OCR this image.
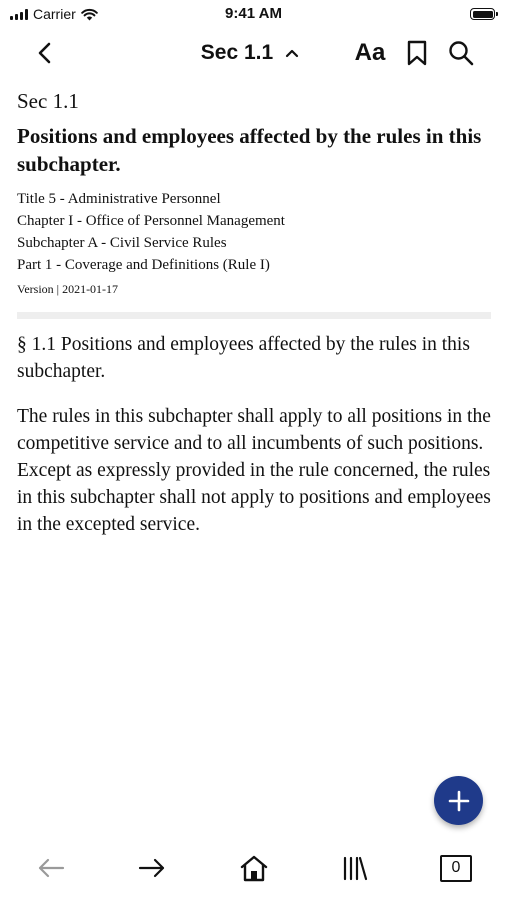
Carrier	9:41 AM
Sec 1.1	Aa
Sec 1.1
Positions and employees affected by the rules in this subchapter.
Title 5 - Administrative Personnel
Chapter I - Office of Personnel Management
Subchapter A - Civil Service Rules
Part 1 - Coverage and Definitions (Rule I)
Version | 2021-01-17

§ 1.1 Positions and employees affected by the rules in this subchapter.

The rules in this subchapter shall apply to all positions in the competitive service and to all incumbents of such positions. Except as expressly provided in the rule concerned, the rules in this subchapter shall not apply to positions and employees in the excepted service.

0
